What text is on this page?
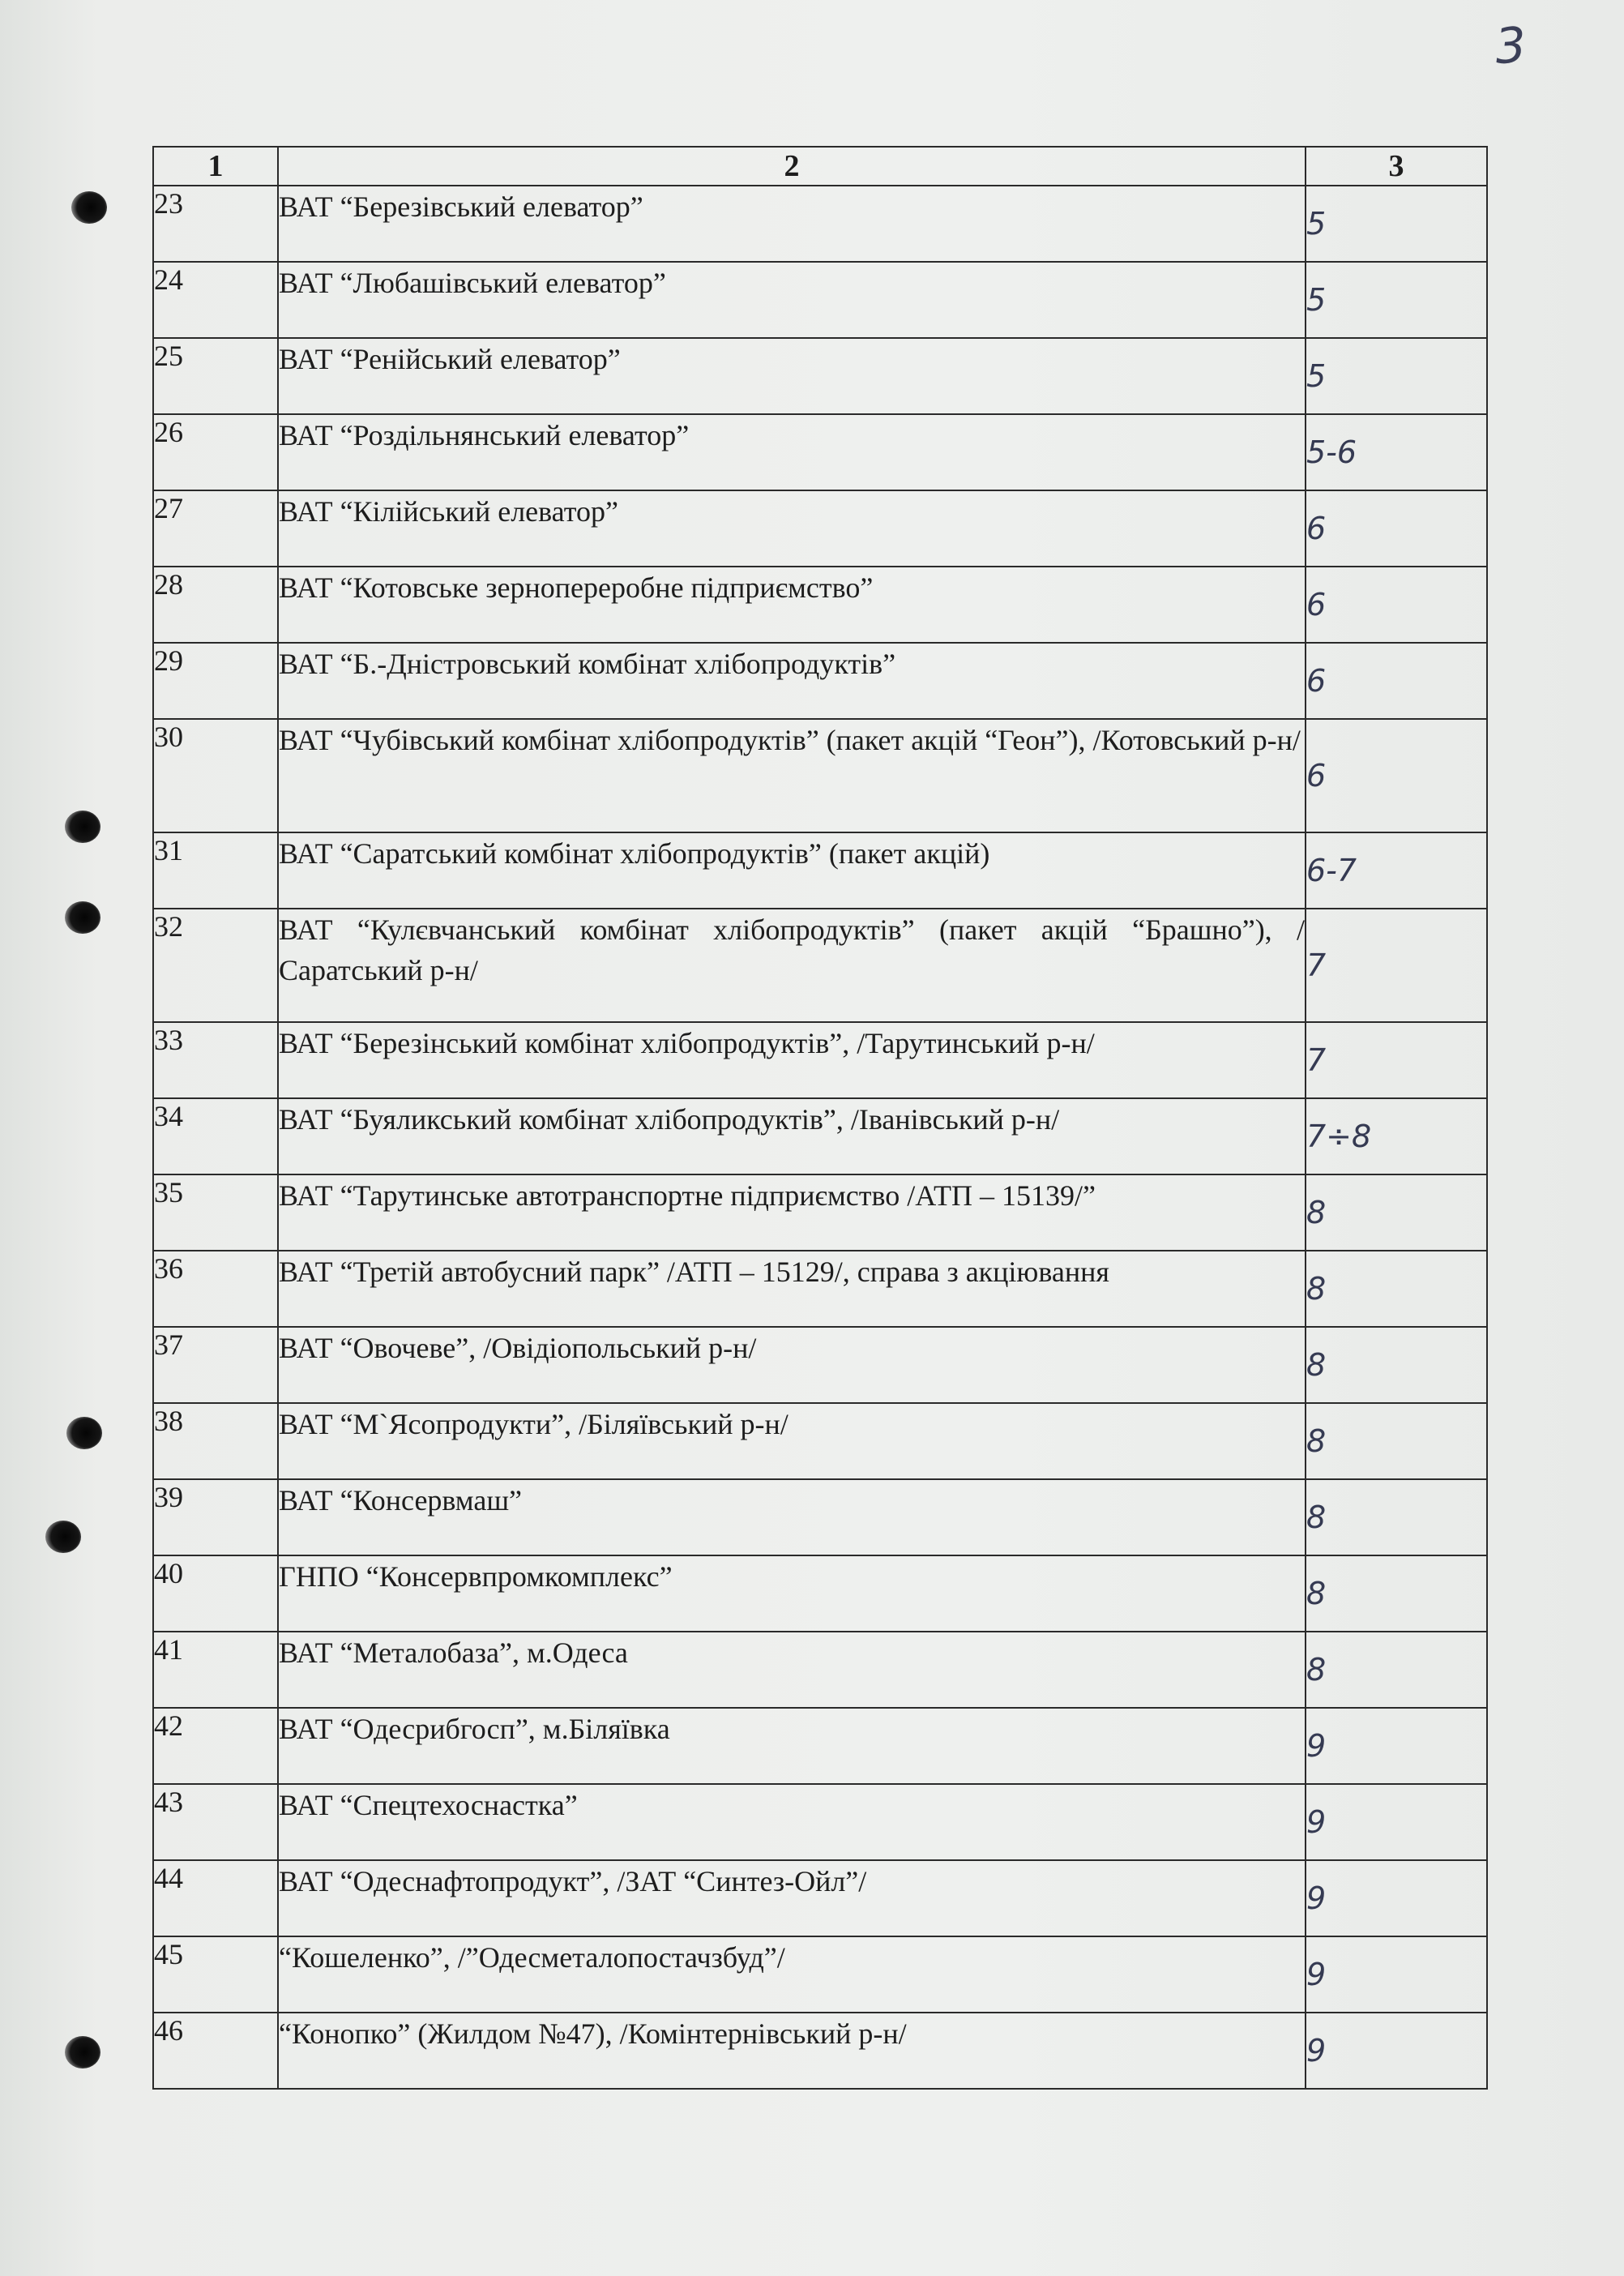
3
1	2	3
23	ВАТ “Березівський елеватор”	5
24	ВАТ “Любашівський елеватор”	5
25	ВАТ “Ренійський елеватор”	5
26	ВАТ “Роздільнянський елеватор”	5-6
27	ВАТ “Кілійський елеватор”	6
28	ВАТ “Котовське зернопереробне підприємство”	6
29	ВАТ “Б.-Дністровський комбінат хлібопродуктів”	6
30	ВАТ “Чубівський комбінат хлібопродуктів” (пакет акцій “Геон”), /Котовський р-н/	6
31	ВАТ “Саратський комбінат хлібопродуктів” (пакет акцій)	6-7
32	ВАТ “Кулєвчанський комбінат хлібопродуктів” (пакет акцій “Брашно”), /Саратський р-н/	7
33	ВАТ “Березінський комбінат хлібопродуктів”, /Тарутинський р-н/	7
34	ВАТ “Буяликський комбінат хлібопродуктів”, /Іванівський р-н/	7÷8
35	ВАТ “Тарутинське автотранспортне підприємство /АТП – 15139/”	8
36	ВАТ “Третій автобусний парк” /АТП – 15129/, справа з акціювання	8
37	ВАТ “Овочеве”, /Овідіопольський р-н/	8
38	ВАТ “М`Ясопродукти”, /Біляївський р-н/	8
39	ВАТ “Консервмаш”	8
40	ГНПО “Консервпромкомплекс”	8
41	ВАТ “Металобаза”, м.Одеса	8
42	ВАТ “Одесрибгосп”, м.Біляївка	9
43	ВАТ “Спецтехоснастка”	9
44	ВАТ “Одеснафтопродукт”, /ЗАТ “Синтез-Ойл”/	9
45	“Кошеленко”, /”Одесметалопостачзбуд”/	9
46	“Конопко” (Жилдом №47), /Комінтернівський р-н/	9
